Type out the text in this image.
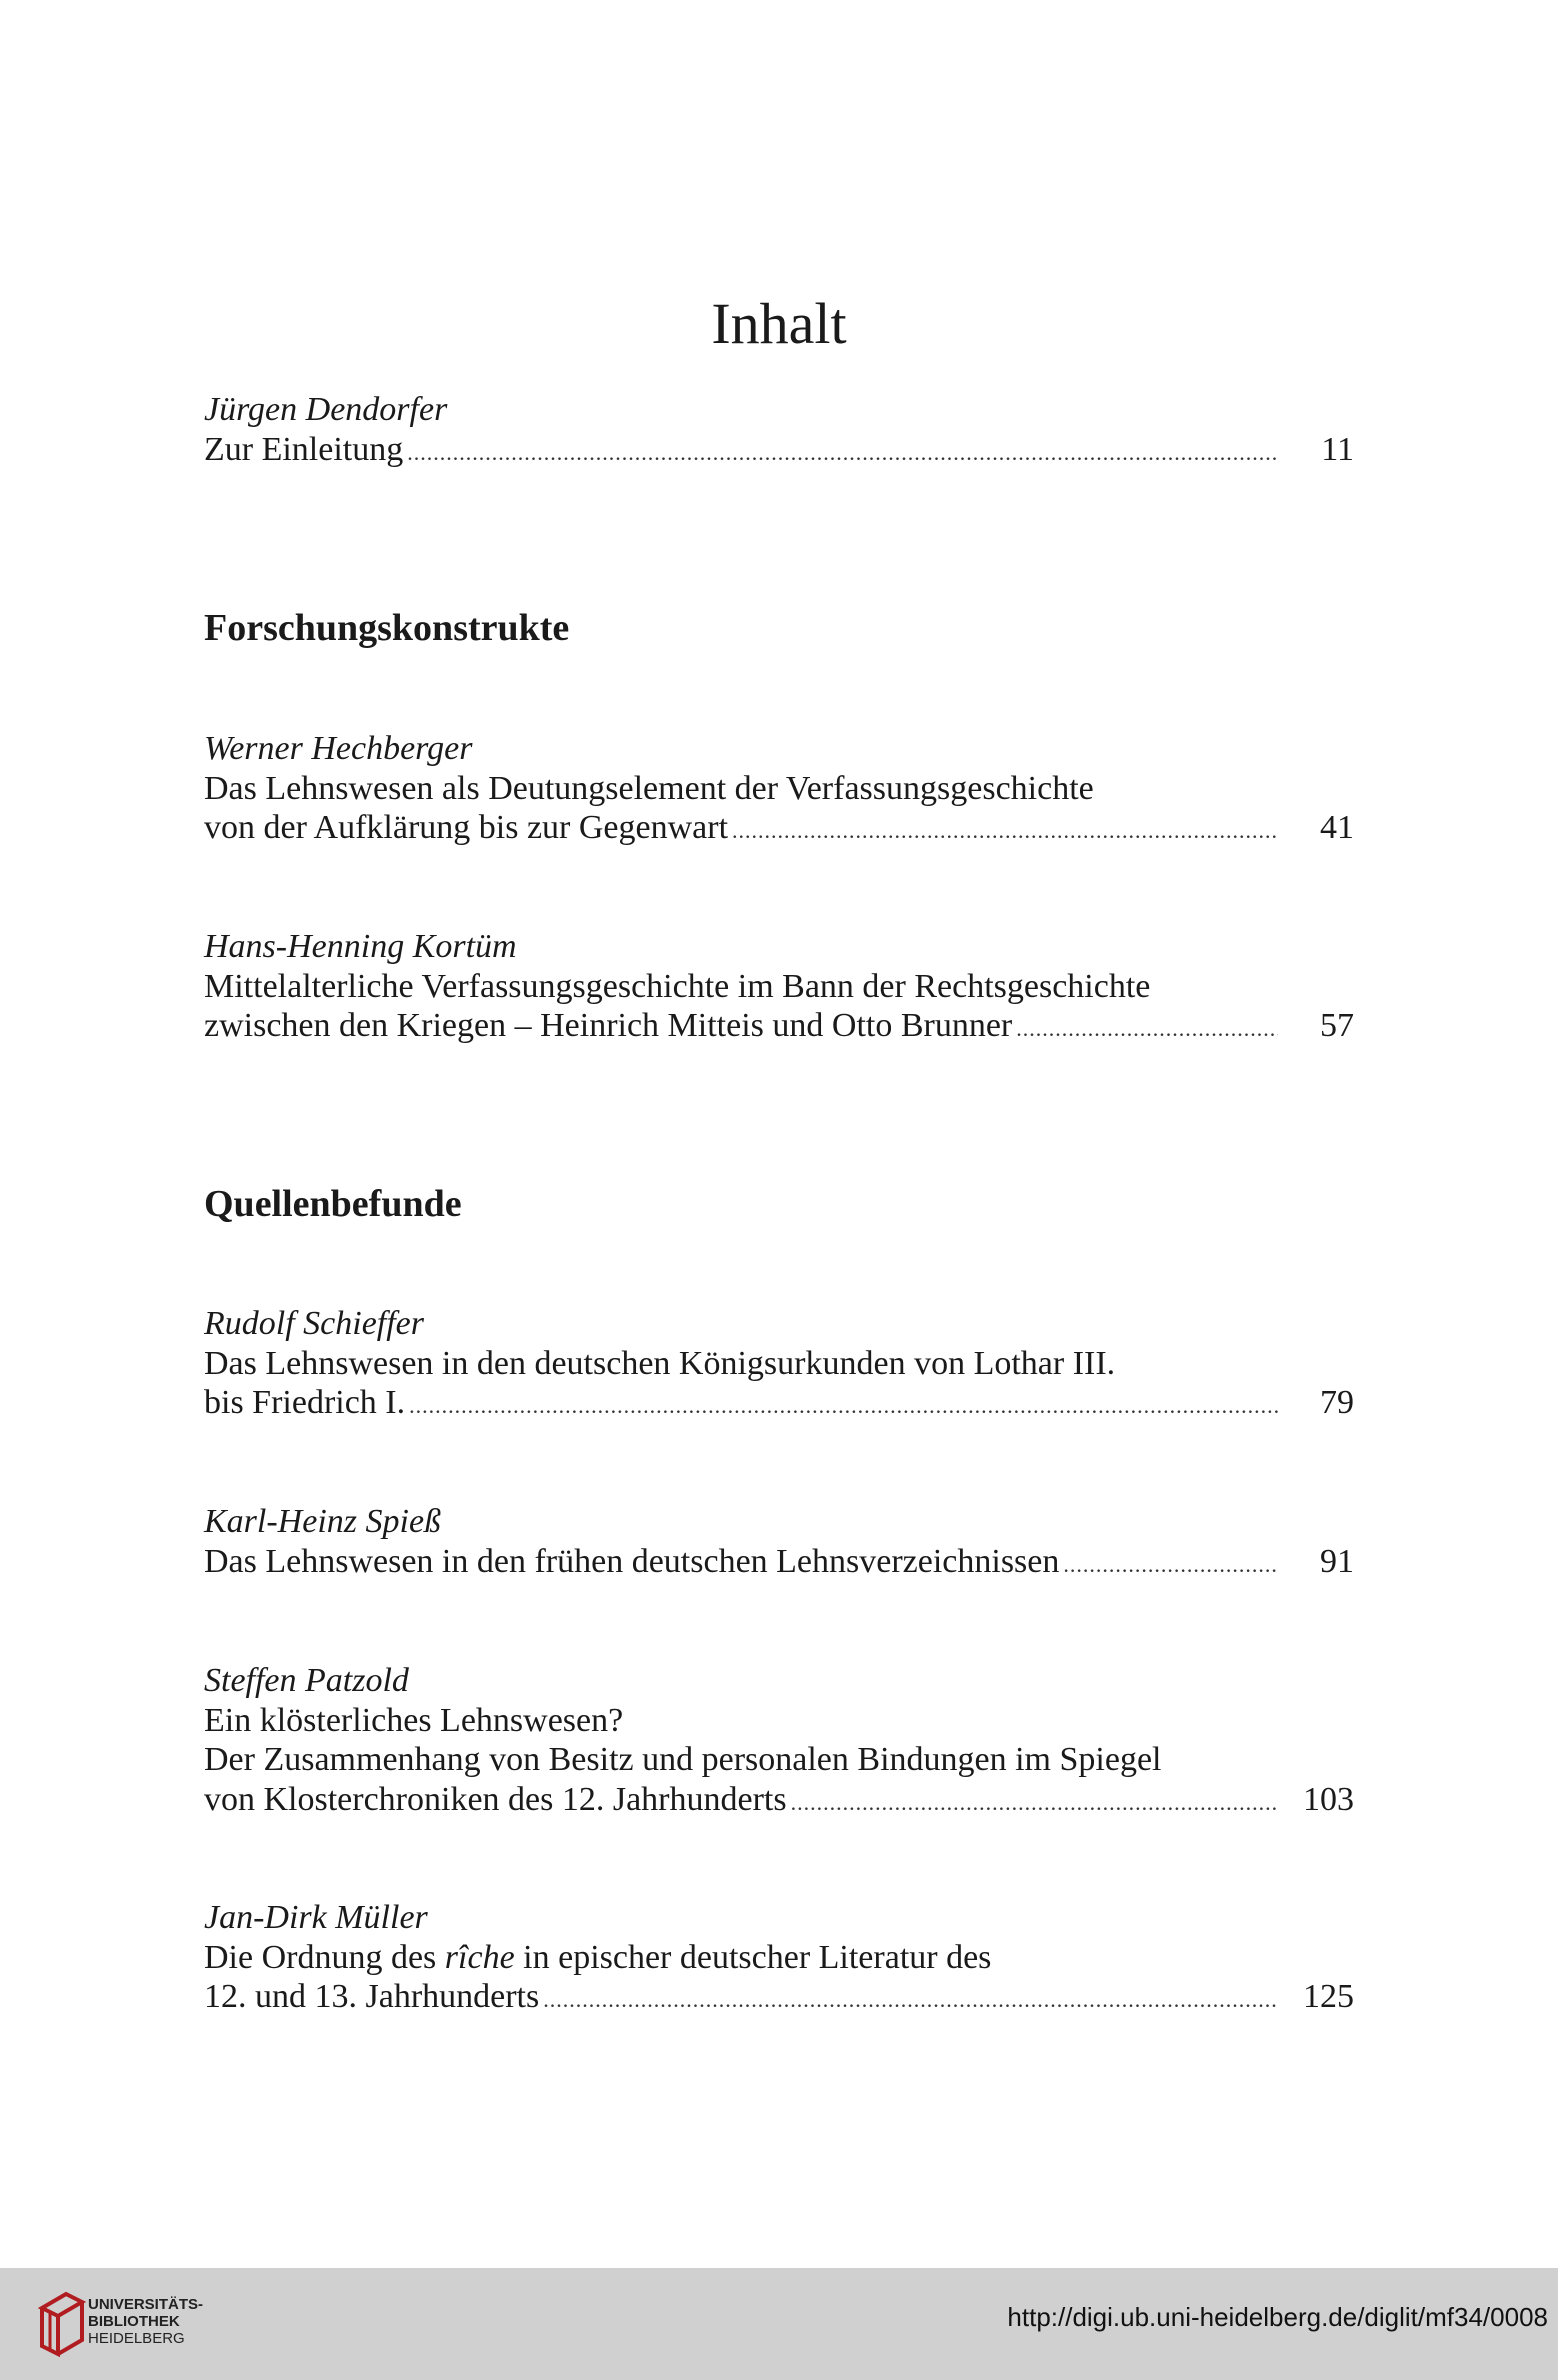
Inhalt
Jürgen Dendorfer
Zur Einleitung .....	11
Forschungskonstrukte
Werner Hechberger
Das Lehnswesen als Deutungselement der Verfassungsgeschichte
von der Aufklärung bis zur Gegenwart .....	41
Hans-Henning Kortüm
Mittelalterliche Verfassungsgeschichte im Bann der Rechtsgeschichte
zwischen den Kriegen – Heinrich Mitteis und Otto Brunner .....	57
Quellenbefunde
Rudolf Schieffer
Das Lehnswesen in den deutschen Königsurkunden von Lothar III.
bis Friedrich I. .....	79
Karl-Heinz Spieß
Das Lehnswesen in den frühen deutschen Lehnsverzeichnissen .....	91
Steffen Patzold
Ein klösterliches Lehnswesen?
Der Zusammenhang von Besitz und personalen Bindungen im Spiegel
von Klosterchroniken des 12. Jahrhunderts .....	103
Jan-Dirk Müller
Die Ordnung des rîche in epischer deutscher Literatur des
12. und 13. Jahrhunderts .....	125
UNIVERSITÄTS-
BIBLIOTHEK
HEIDELBERG
http://digi.ub.uni-heidelberg.de/diglit/mf34/0008
